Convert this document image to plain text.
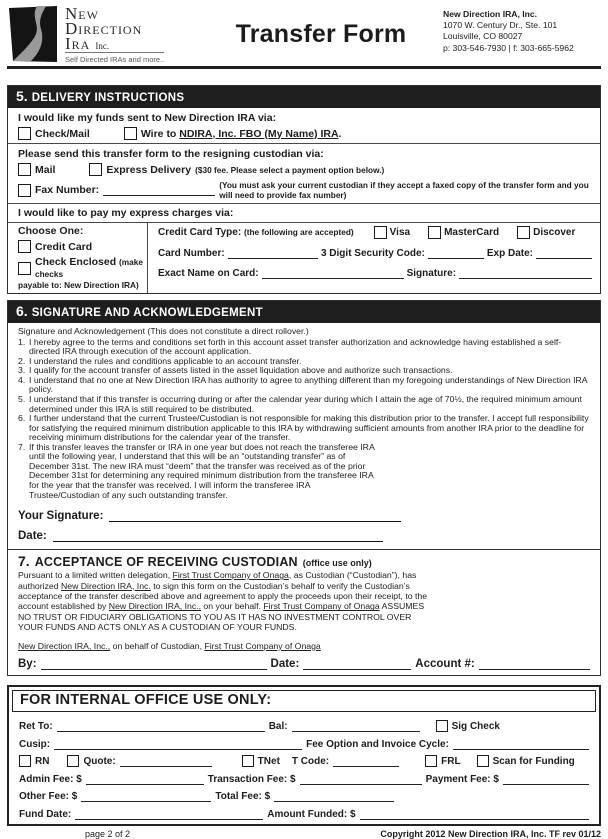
New
Direction
Ira Inc.
Self Directed IRAs and more..
Transfer Form
New Direction IRA, Inc.
1070 W. Century Dr., Ste. 101
Louisville, CO 80027
p: 303-546-7930 | f: 303-665-5962
5. DELIVERY INSTRUCTIONS
I would like my funds sent to New Direction IRA via:
Check/Mail	Wire to NDIRA, Inc. FBO (My Name) IRA.
Please send this transfer form to the resigning custodian via:
Mail	Express Delivery ($30 fee. Please select a payment option below.)
Fax Number:	(You must ask your current custodian if they accept a faxed copy of the transfer form and you will need to provide fax number)
I would like to pay my express charges via:
Choose One:
Credit Card
Check Enclosed (make checks
payable to: New Direction IRA)
Credit Card Type: (the following are accepted)	Visa	MasterCard	Discover
Card Number:	3 Digit Security Code:	Exp Date:
Exact Name on Card:	Signature:
6. SIGNATURE AND ACKNOWLEDGEMENT
Signature and Acknowledgement (This does not constitute a direct rollover.)
1. I hereby agree to the terms and conditions set forth in this account asset transfer authorization and acknowledge having established a self-directed IRA through execution of the account application.
2. I understand the rules and conditions applicable to an account transfer.
3. I qualify for the account transfer of assets listed in the asset liquidation above and authorize such transactions.
4. I understand that no one at New Direction IRA has authority to agree to anything different than my foregoing understandings of New Direction IRA policy.
5. I understand that if this transfer is occurring during or after the calendar year during which I attain the age of 70½, the required minimum amount determined under this IRA is still required to be distributed.
6. I further understand that the current Trustee/Custodian is not responsible for making this distribution prior to the transfer. I accept full responsibility for satisfying the required minimum distribution applicable to this IRA by withdrawing sufficient amounts from another IRA prior to the deadline for receiving minimum distributions for the calendar year of the transfer.
7. If this transfer leaves the transfer or IRA in one year but does not reach the transferee IRA until the following year, I understand that this will be an “outstanding transfer” as of December 31st. The new IRA must “deem” that the transfer was received as of the prior December 31st for determining any required minimum distribution from the transferee IRA for the year that the transfer was received. I will inform the transferee IRA Trustee/Custodian of any such outstanding transfer.
Your Signature:
Date:
7. ACCEPTANCE OF RECEIVING CUSTODIAN (office use only)
Pursuant to a limited written delegation, First Trust Company of Onaga, as Custodian (“Custodian”), has authorized New Direction IRA, Inc. to sign this form on the Custodian’s behalf to verify the Custodian’s acceptance of the transfer described above and agreement to apply the proceeds upon their receipt, to the account established by New Direction IRA, Inc., on your behalf. First Trust Company of Onaga ASSUMES NO TRUST OR FIDUCIARY OBLIGATIONS TO YOU AS IT HAS NO INVESTMENT CONTROL OVER YOUR FUNDS AND ACTS ONLY AS A CUSTODIAN OF YOUR FUNDS.
New Direction IRA, Inc., on behalf of Custodian, First Trust Company of Onaga
By:	Date:	Account #:
FOR INTERNAL OFFICE USE ONLY:
Ret To:	Bal:	Sig Check
Cusip:	Fee Option and Invoice Cycle:
RN	Quote:	TNet T Code:	FRL	Scan for Funding
Admin Fee: $	Transaction Fee: $	Payment Fee: $
Other Fee: $	Total Fee: $
Fund Date:	Amount Funded: $
page 2 of 2	Copyright 2012 New Direction IRA, Inc. TF rev 01/12
